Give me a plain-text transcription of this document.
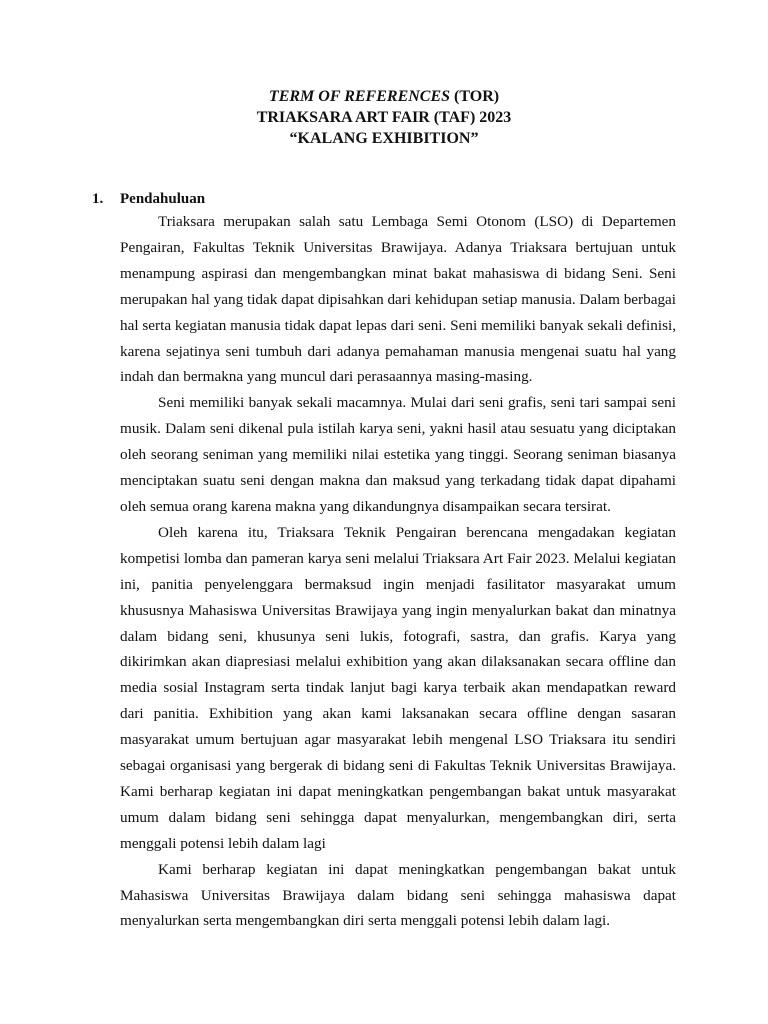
TERM OF REFERENCES (TOR)
TRIAKSARA ART FAIR (TAF) 2023
“KALANG EXHIBITION”
1.	Pendahuluan

Triaksara merupakan salah satu Lembaga Semi Otonom (LSO) di Departemen Pengairan, Fakultas Teknik Universitas Brawijaya. Adanya Triaksara bertujuan untuk menampung aspirasi dan mengembangkan minat bakat mahasiswa di bidang Seni. Seni merupakan hal yang tidak dapat dipisahkan dari kehidupan setiap manusia. Dalam berbagai hal serta kegiatan manusia tidak dapat lepas dari seni. Seni memiliki banyak sekali definisi, karena sejatinya seni tumbuh dari adanya pemahaman manusia mengenai suatu hal yang indah dan bermakna yang muncul dari perasaannya masing-masing.

Seni memiliki banyak sekali macamnya. Mulai dari seni grafis, seni tari sampai seni musik. Dalam seni dikenal pula istilah karya seni, yakni hasil atau sesuatu yang diciptakan oleh seorang seniman yang memiliki nilai estetika yang tinggi. Seorang seniman biasanya menciptakan suatu seni dengan makna dan maksud yang terkadang tidak dapat dipahami oleh semua orang karena makna yang dikandungnya disampaikan secara tersirat.

Oleh karena itu, Triaksara Teknik Pengairan berencana mengadakan kegiatan kompetisi lomba dan pameran karya seni melalui Triaksara Art Fair 2023. Melalui kegiatan ini, panitia penyelenggara bermaksud ingin menjadi fasilitator masyarakat umum khususnya Mahasiswa Universitas Brawijaya yang ingin menyalurkan bakat dan minatnya dalam bidang seni, khusunya seni lukis, fotografi, sastra, dan grafis. Karya yang dikirimkan akan diapresiasi melalui exhibition yang akan dilaksanakan secara offline dan media sosial Instagram serta tindak lanjut bagi karya terbaik akan mendapatkan reward dari panitia. Exhibition yang akan kami laksanakan secara offline dengan sasaran masyarakat umum bertujuan agar masyarakat lebih mengenal LSO Triaksara itu sendiri sebagai organisasi yang bergerak di bidang seni di Fakultas Teknik Universitas Brawijaya. Kami berharap kegiatan ini dapat meningkatkan pengembangan bakat untuk masyarakat umum dalam bidang seni sehingga dapat menyalurkan, mengembangkan diri, serta menggali potensi lebih dalam lagi

Kami berharap kegiatan ini dapat meningkatkan pengembangan bakat untuk Mahasiswa Universitas Brawijaya dalam bidang seni sehingga mahasiswa dapat menyalurkan serta mengembangkan diri serta menggali potensi lebih dalam lagi.
